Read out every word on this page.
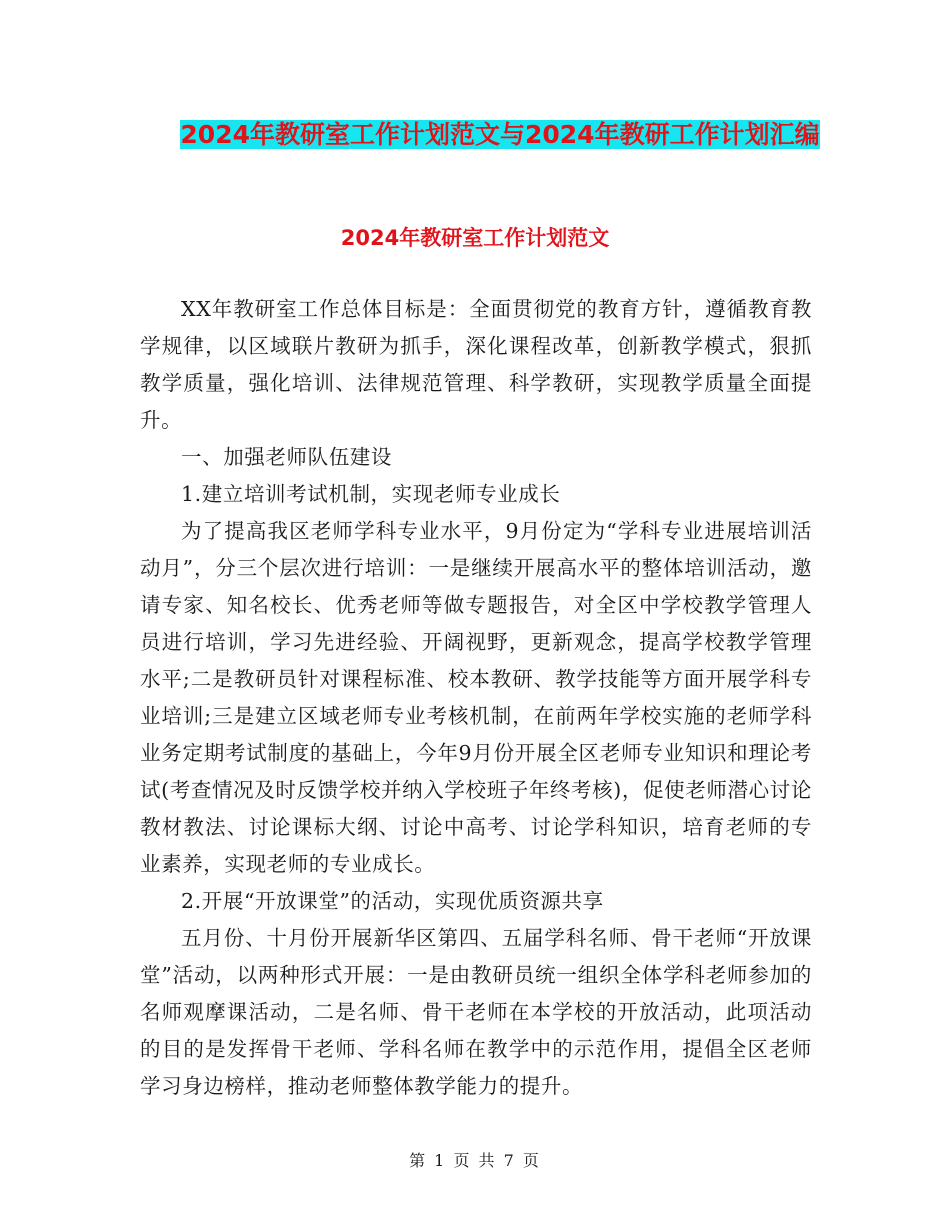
2024年教研室工作计划范文与2024年教研工作计划汇编
2024年教研室工作计划范文

XX年教研室工作总体目标是：全面贯彻党的教育方针，遵循教育教学规律，以区域联片教研为抓手，深化课程改革，创新教学模式，狠抓教学质量，强化培训、法律规范管理、科学教研，实现教学质量全面提升。

一、加强老师队伍建设

1.建立培训考试机制，实现老师专业成长

为了提高我区老师学科专业水平，9月份定为“学科专业进展培训活动月”，分三个层次进行培训：一是继续开展高水平的整体培训活动，邀请专家、知名校长、优秀老师等做专题报告，对全区中学校教学管理人员进行培训，学习先进经验、开阔视野，更新观念，提高学校教学管理水平;二是教研员针对课程标准、校本教研、教学技能等方面开展学科专业培训;三是建立区域老师专业考核机制，在前两年学校实施的老师学科业务定期考试制度的基础上，今年9月份开展全区老师专业知识和理论考试(考查情况及时反馈学校并纳入学校班子年终考核)，促使老师潜心讨论教材教法、讨论课标大纲、讨论中高考、讨论学科知识，培育老师的专业素养，实现老师的专业成长。

2.开展“开放课堂”的活动，实现优质资源共享

五月份、十月份开展新华区第四、五届学科名师、骨干老师“开放课堂”活动，以两种形式开展：一是由教研员统一组织全体学科老师参加的名师观摩课活动，二是名师、骨干老师在本学校的开放活动，此项活动的目的是发挥骨干老师、学科名师在教学中的示范作用，提倡全区老师学习身边榜样，推动老师整体教学能力的提升。

第 1 页 共 7 页
